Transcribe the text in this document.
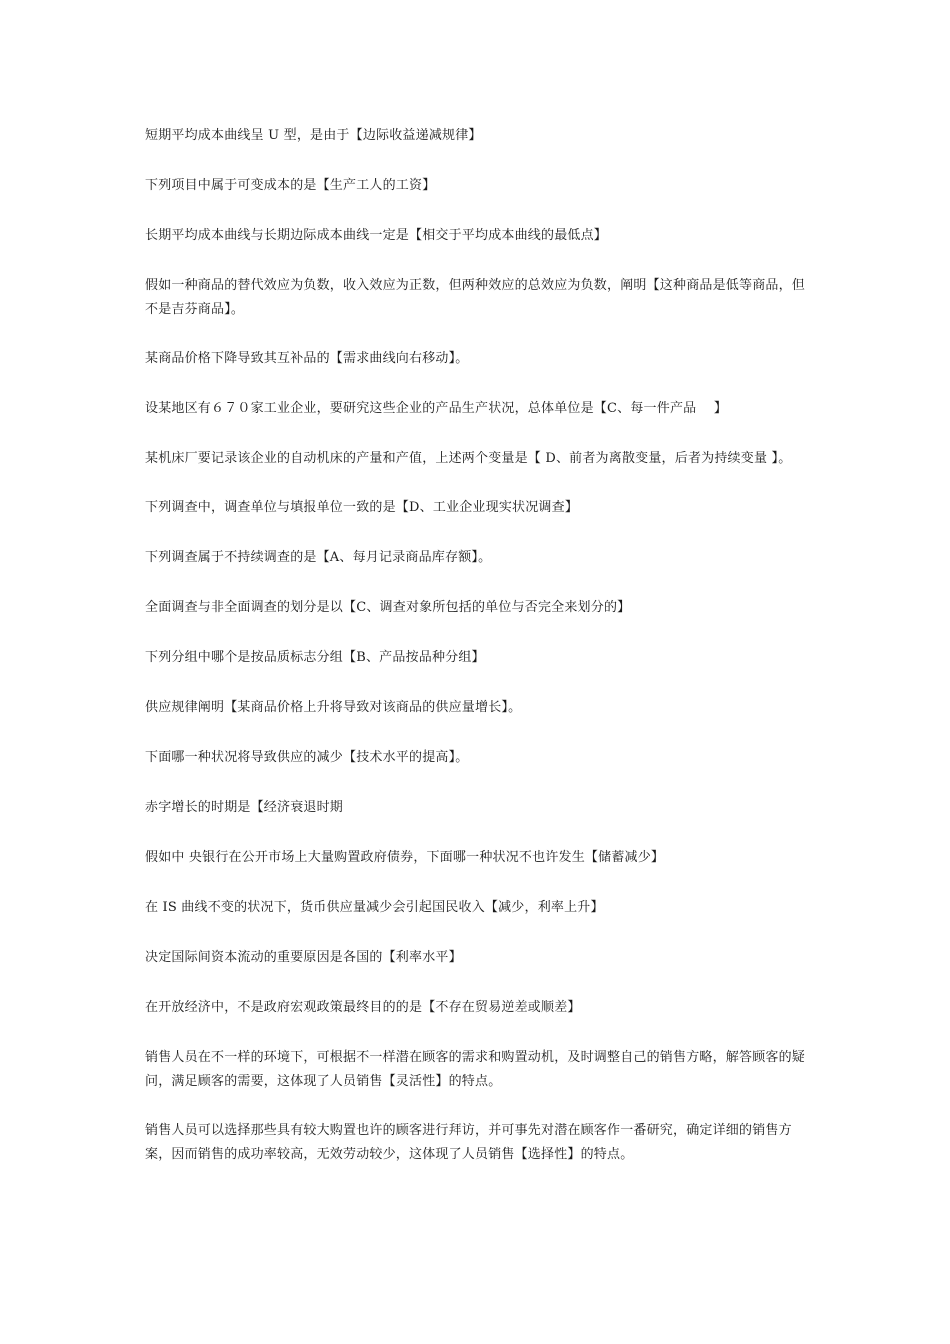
短期平均成本曲线呈 U 型，是由于【边际收益递减规律】

下列项目中属于可变成本的是【生产工人的工资】

长期平均成本曲线与长期边际成本曲线一定是【相交于平均成本曲线的最低点】

假如一种商品的替代效应为负数，收入效应为正数，但两种效应的总效应为负数，阐明【这种商品是低等商品，但不是吉芬商品】。

某商品价格下降导致其互补品的【需求曲线向右移动】。

设某地区有６７０家工业企业，要研究这些企业的产品生产状况，总体单位是【C、每一件产品　 】

某机床厂要记录该企业的自动机床的产量和产值，上述两个变量是【 D、前者为离散变量，后者为持续变量 】。

下列调查中，调查单位与填报单位一致的是【D、工业企业现实状况调查】

下列调查属于不持续调查的是【A、每月记录商品库存额】。

全面调查与非全面调查的划分是以【C、调查对象所包括的单位与否完全来划分的】

下列分组中哪个是按品质标志分组【B、产品按品种分组】

供应规律阐明【某商品价格上升将导致对该商品的供应量增长】。

下面哪一种状况将导致供应的减少【技术水平的提高】。

赤字增长的时期是【经济衰退时期

假如中 央银行在公开市场上大量购置政府债券，下面哪一种状况不也许发生【储蓄减少】

在 IS 曲线不变的状况下，货币供应量减少会引起国民收入【减少，利率上升】

决定国际间资本流动的重要原因是各国的【利率水平】

在开放经济中，不是政府宏观政策最终目的的是【不存在贸易逆差或顺差】

销售人员在不一样的环境下，可根据不一样潜在顾客的需求和购置动机，及时调整自己的销售方略，解答顾客的疑问，满足顾客的需要，这体现了人员销售【灵活性】的特点。

销售人员可以选择那些具有较大购置也许的顾客进行拜访，并可事先对潜在顾客作一番研究，确定详细的销售方案，因而销售的成功率较高，无效劳动较少，这体现了人员销售【选择性】的特点。
